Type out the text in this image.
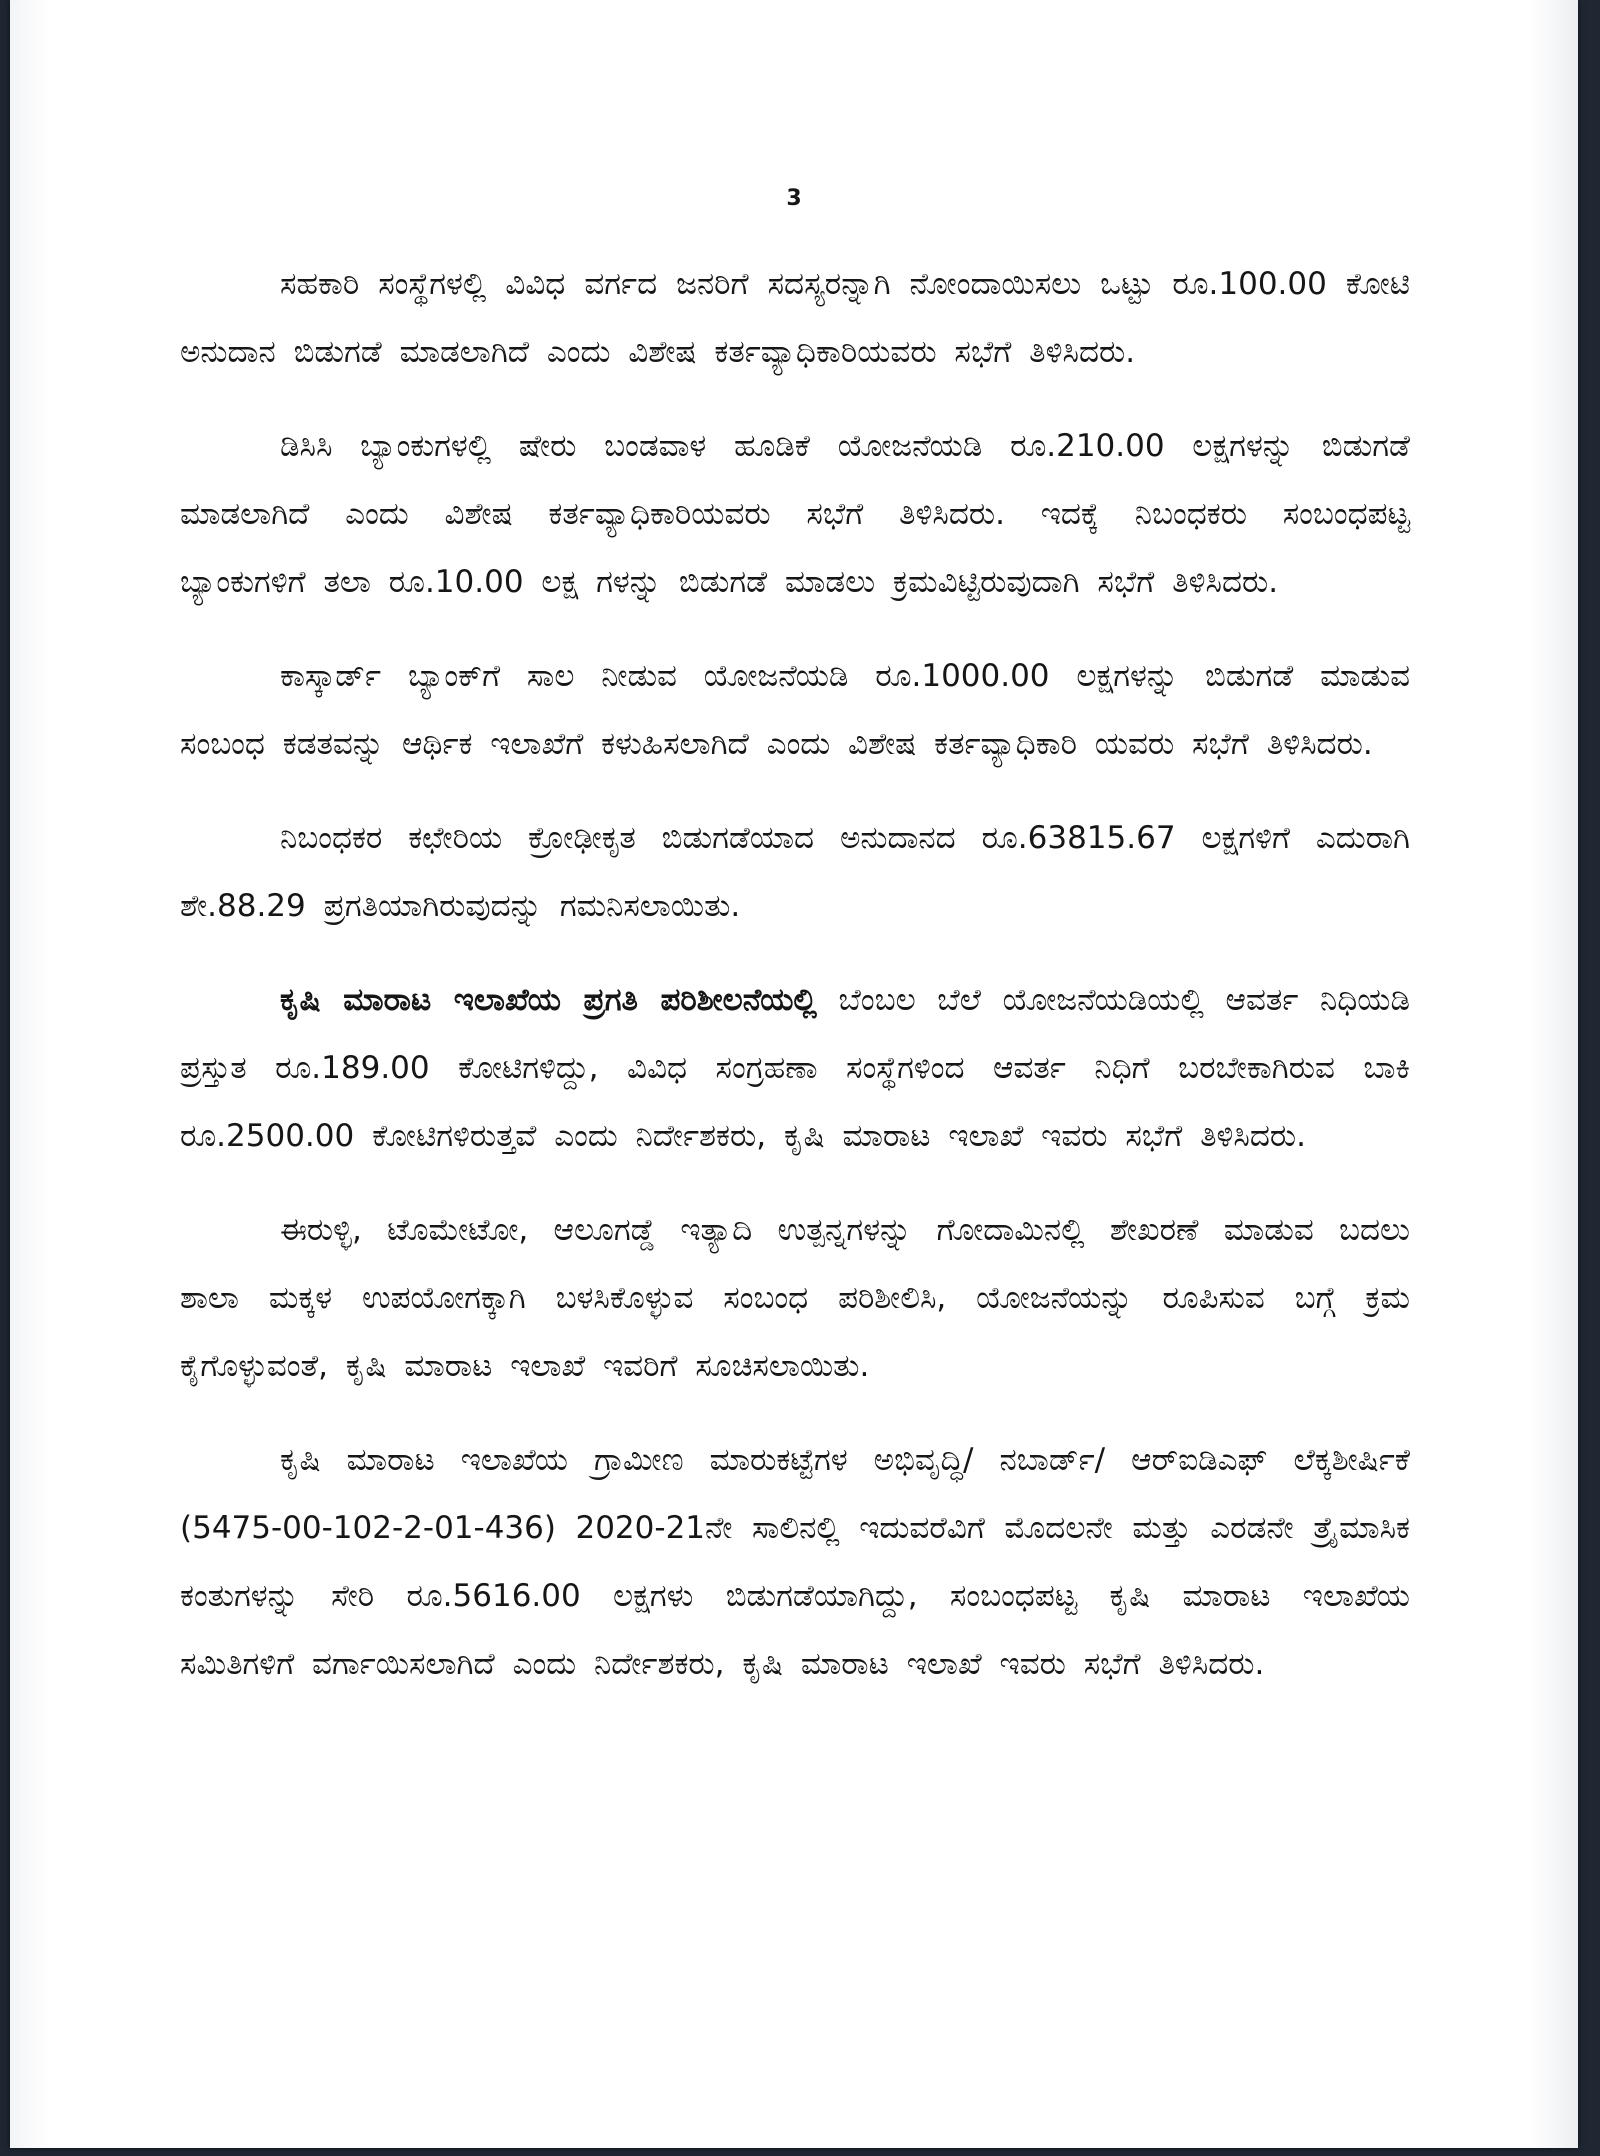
3

ಸಹಕಾರಿ ಸಂಸ್ಥೆಗಳಲ್ಲಿ ವಿವಿಧ ವರ್ಗದ ಜನರಿಗೆ ಸದಸ್ಯರನ್ನಾಗಿ ನೋಂದಾಯಿಸಲು ಒಟ್ಟು ರೂ.100.00 ಕೋಟಿ ಅನುದಾನ ಬಿಡುಗಡೆ ಮಾಡಲಾಗಿದೆ ಎಂದು ವಿಶೇಷ ಕರ್ತವ್ಯಾಧಿಕಾರಿಯವರು ಸಭೆಗೆ ತಿಳಿಸಿದರು.

ಡಿಸಿಸಿ ಬ್ಯಾಂಕುಗಳಲ್ಲಿ ಷೇರು ಬಂಡವಾಳ ಹೂಡಿಕೆ ಯೋಜನೆಯಡಿ ರೂ.210.00 ಲಕ್ಷಗಳನ್ನು ಬಿಡುಗಡೆ ಮಾಡಲಾಗಿದೆ ಎಂದು ವಿಶೇಷ ಕರ್ತವ್ಯಾಧಿಕಾರಿಯವರು ಸಭೆಗೆ ತಿಳಿಸಿದರು. ಇದಕ್ಕೆ ನಿಬಂಧಕರು ಸಂಬಂಧಪಟ್ಟ ಬ್ಯಾಂಕುಗಳಿಗೆ ತಲಾ ರೂ.10.00 ಲಕ್ಷ ಗಳನ್ನು ಬಿಡುಗಡೆ ಮಾಡಲು ಕ್ರಮವಿಟ್ಟಿರುವುದಾಗಿ ಸಭೆಗೆ ತಿಳಿಸಿದರು.

ಕಾಸ್ಕಾರ್ಡ್ ಬ್ಯಾಂಕ್‌ಗೆ ಸಾಲ ನೀಡುವ ಯೋಜನೆಯಡಿ ರೂ.1000.00 ಲಕ್ಷಗಳನ್ನು ಬಿಡುಗಡೆ ಮಾಡುವ ಸಂಬಂಧ ಕಡತವನ್ನು ಆರ್ಥಿಕ ಇಲಾಖೆಗೆ ಕಳುಹಿಸಲಾಗಿದೆ ಎಂದು ವಿಶೇಷ ಕರ್ತವ್ಯಾಧಿಕಾರಿ ಯವರು ಸಭೆಗೆ ತಿಳಿಸಿದರು.

ನಿಬಂಧಕರ ಕಛೇರಿಯ ಕ್ರೋಢೀಕೃತ ಬಿಡುಗಡೆಯಾದ ಅನುದಾನದ ರೂ.63815.67 ಲಕ್ಷಗಳಿಗೆ ಎದುರಾಗಿ ಶೇ.88.29 ಪ್ರಗತಿಯಾಗಿರುವುದನ್ನು ಗಮನಿಸಲಾಯಿತು.

ಕೃಷಿ ಮಾರಾಟ ಇಲಾಖೆಯ ಪ್ರಗತಿ ಪರಿಶೀಲನೆಯಲ್ಲಿ ಬೆಂಬಲ ಬೆಲೆ ಯೋಜನೆಯಡಿಯಲ್ಲಿ ಆವರ್ತ ನಿಧಿಯಡಿ ಪ್ರಸ್ತುತ ರೂ.189.00 ಕೋಟಿಗಳಿದ್ದು, ವಿವಿಧ ಸಂಗ್ರಹಣಾ ಸಂಸ್ಥೆಗಳಿಂದ ಆವರ್ತ ನಿಧಿಗೆ ಬರಬೇಕಾಗಿರುವ ಬಾಕಿ ರೂ.2500.00 ಕೋಟಿಗಳಿರುತ್ತವೆ ಎಂದು ನಿರ್ದೇಶಕರು, ಕೃಷಿ ಮಾರಾಟ ಇಲಾಖೆ ಇವರು ಸಭೆಗೆ ತಿಳಿಸಿದರು.

ಈರುಳ್ಳಿ, ಟೊಮೇಟೋ, ಆಲೂಗಡ್ಡೆ ಇತ್ಯಾದಿ ಉತ್ಪನ್ನಗಳನ್ನು ಗೋದಾಮಿನಲ್ಲಿ ಶೇಖರಣೆ ಮಾಡುವ ಬದಲು ಶಾಲಾ ಮಕ್ಕಳ ಉಪಯೋಗಕ್ಕಾಗಿ ಬಳಸಿಕೊಳ್ಳುವ ಸಂಬಂಧ ಪರಿಶೀಲಿಸಿ, ಯೋಜನೆಯನ್ನು ರೂಪಿಸುವ ಬಗ್ಗೆ ಕ್ರಮ ಕೈಗೊಳ್ಳುವಂತೆ, ಕೃಷಿ ಮಾರಾಟ ಇಲಾಖೆ ಇವರಿಗೆ ಸೂಚಿಸಲಾಯಿತು.

ಕೃಷಿ ಮಾರಾಟ ಇಲಾಖೆಯ ಗ್ರಾಮೀಣ ಮಾರುಕಟ್ಟೆಗಳ ಅಭಿವೃದ್ಧಿ/ ನಬಾರ್ಡ್/ ಆರ್‌ಐಡಿಎಫ್ ಲೆಕ್ಕಶೀರ್ಷಿಕೆ (5475-00-102-2-01-436) 2020-21ನೇ ಸಾಲಿನಲ್ಲಿ ಇದುವರೆವಿಗೆ ಮೊದಲನೇ ಮತ್ತು ಎರಡನೇ ತ್ರೈಮಾಸಿಕ ಕಂತುಗಳನ್ನು ಸೇರಿ ರೂ.5616.00 ಲಕ್ಷಗಳು ಬಿಡುಗಡೆಯಾಗಿದ್ದು, ಸಂಬಂಧಪಟ್ಟ ಕೃಷಿ ಮಾರಾಟ ಇಲಾಖೆಯ ಸಮಿತಿಗಳಿಗೆ ವರ್ಗಾಯಿಸಲಾಗಿದೆ ಎಂದು ನಿರ್ದೇಶಕರು, ಕೃಷಿ ಮಾರಾಟ ಇಲಾಖೆ ಇವರು ಸಭೆಗೆ ತಿಳಿಸಿದರು.
